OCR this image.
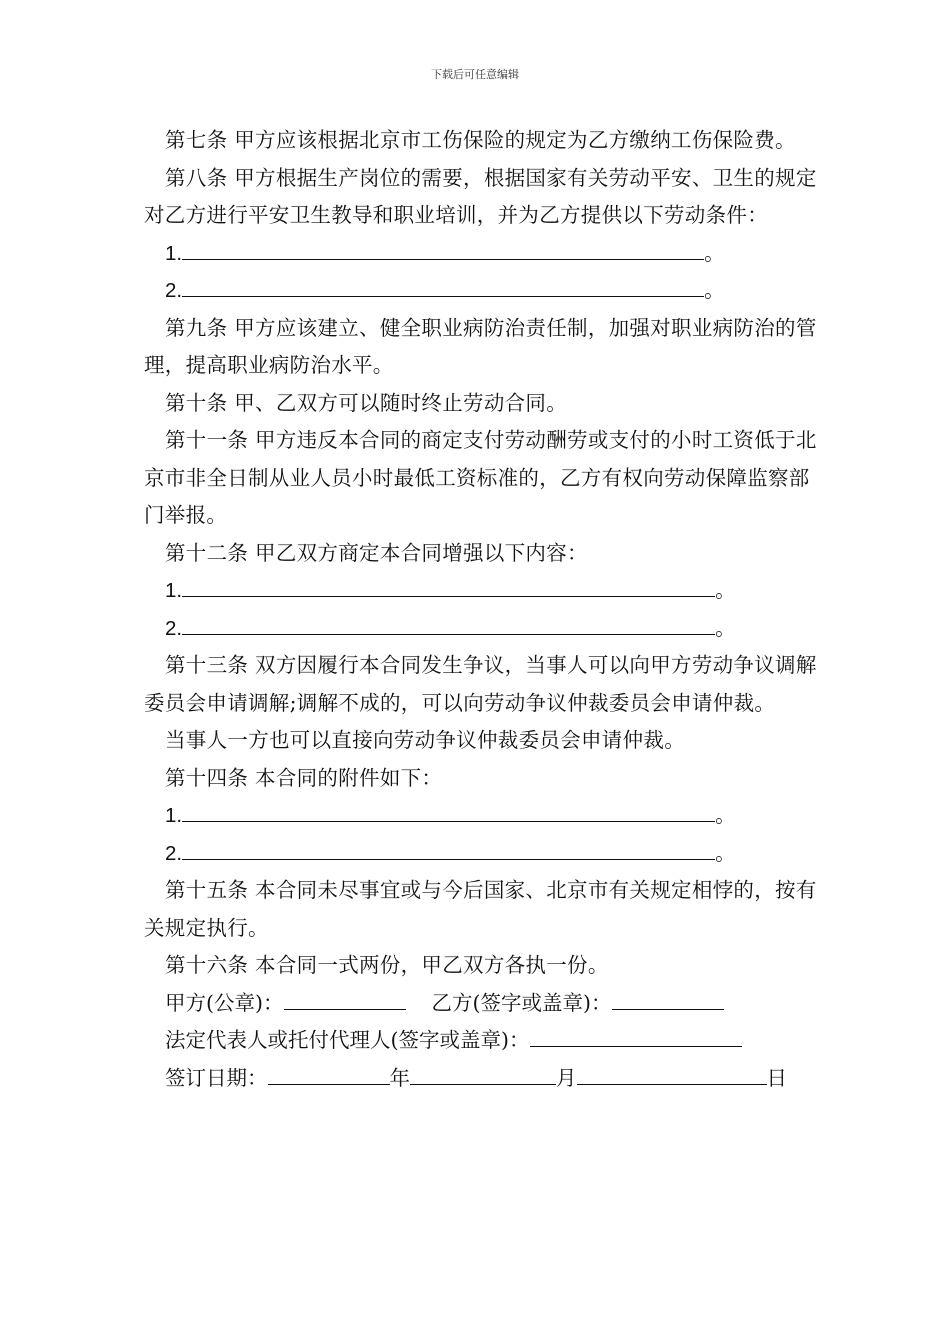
下载后可任意编辑

第七条 甲方应该根据北京市工伤保险的规定为乙方缴纳工伤保险费。

第八条 甲方根据生产岗位的需要，根据国家有关劳动平安、卫生的规定对乙方进行平安卫生教导和职业培训，并为乙方提供以下劳动条件：

1.	。
2.	。

第九条 甲方应该建立、健全职业病防治责任制，加强对职业病防治的管理，提高职业病防治水平。

第十条 甲、乙双方可以随时终止劳动合同。

第十一条 甲方违反本合同的商定支付劳动酬劳或支付的小时工资低于北京市非全日制从业人员小时最低工资标准的，乙方有权向劳动保障监察部门举报。

第十二条 甲乙双方商定本合同增强以下内容：

1.	。
2.	。

第十三条 双方因履行本合同发生争议，当事人可以向甲方劳动争议调解委员会申请调解;调解不成的，可以向劳动争议仲裁委员会申请仲裁。

当事人一方也可以直接向劳动争议仲裁委员会申请仲裁。

第十四条 本合同的附件如下：

1.	。
2.	。

第十五条 本合同未尽事宜或与今后国家、北京市有关规定相悖的，按有关规定执行。

第十六条 本合同一式两份，甲乙双方各执一份。

甲方(公章)：	乙方(签字或盖章)：
法定代表人或托付代理人(签字或盖章)：
签订日期：	年	月	日
